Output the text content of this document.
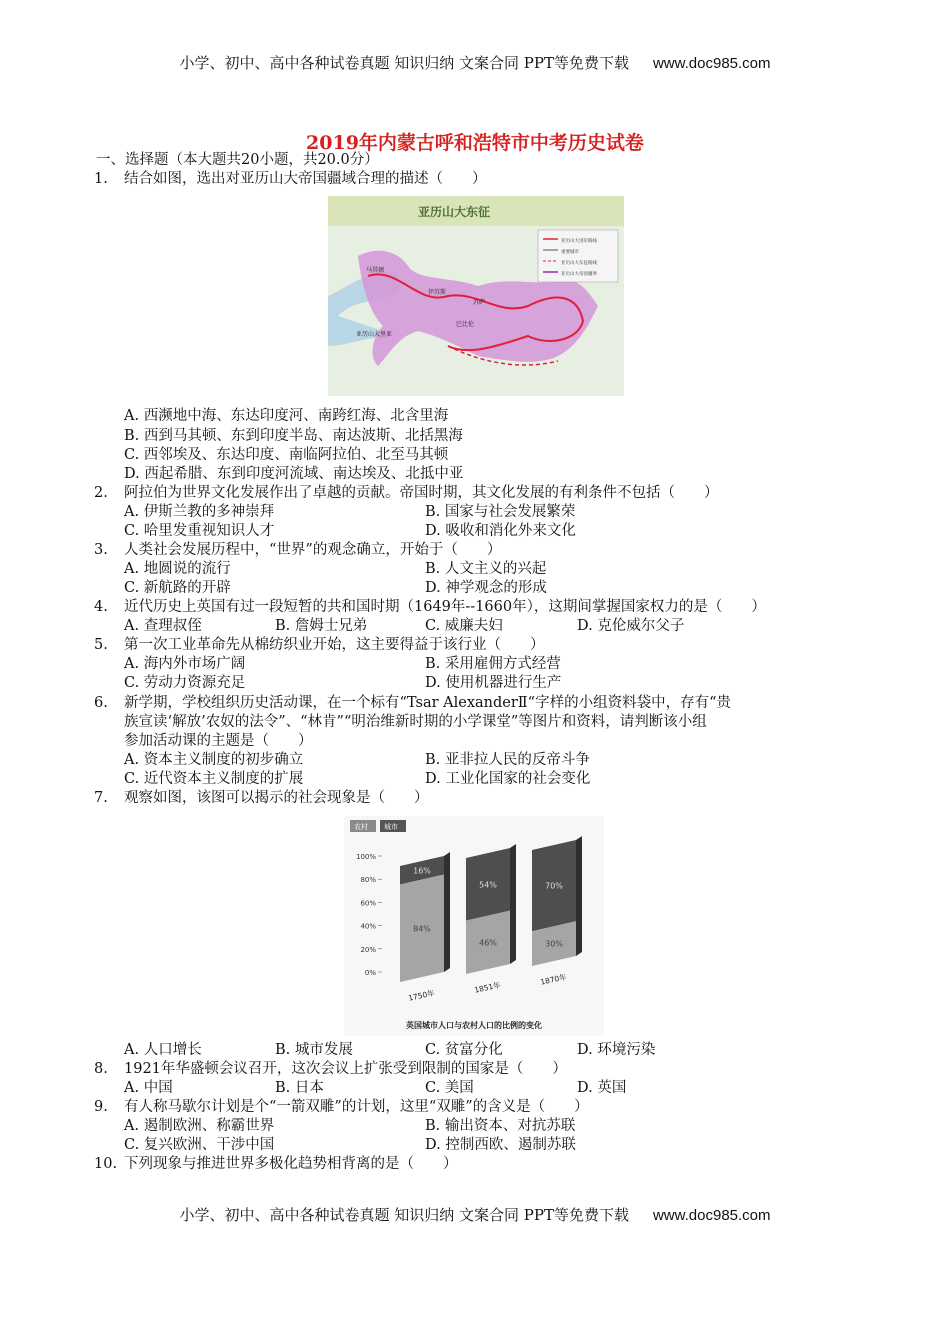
小学、初中、高中各种试卷真题 知识归纳 文案合同 PPT等免费下载 www.doc985.com
2019年内蒙古呼和浩特市中考历史试卷
一、选择题（本大题共20小题，共20.0分）
1. 结合如图，选出对亚历山大帝国疆域合理的描述（　　）
亚历山大东征
亚历山大进军路线
重要城市
亚历山大东征路线
亚历山大帝国疆界
马其顿
伊苏斯
巴比伦
亚历山大里亚
苏萨
A. 西濒地中海、东达印度河、南跨红海、北含里海
B. 西到马其顿、东到印度半岛、南达波斯、北括黑海
C. 西邻埃及、东达印度、南临阿拉伯、北至马其顿
D. 西起希腊、东到印度河流域、南达埃及、北抵中亚
2. 阿拉伯为世界文化发展作出了卓越的贡献。帝国时期，其文化发展的有利条件不包括（　　）
A. 伊斯兰教的多神崇拜	B. 国家与社会发展繁荣
C. 哈里发重视知识人才	D. 吸收和消化外来文化
3. 人类社会发展历程中，“世界”的观念确立，开始于（　　）
A. 地圆说的流行	B. 人文主义的兴起
C. 新航路的开辟	D. 神学观念的形成
4. 近代历史上英国有过一段短暂的共和国时期（1649年--1660年），这期间掌握国家权力的是（　　）
A. 查理叔侄	B. 詹姆士兄弟	C. 威廉夫妇	D. 克伦威尔父子
5. 第一次工业革命先从棉纺织业开始，这主要得益于该行业（　　）
A. 海内外市场广阔	B. 采用雇佣方式经营
C. 劳动力资源充足	D. 使用机器进行生产
6. 新学期，学校组织历史活动课，在一个标有“Tsar AlexanderⅡ“字样的小组资料袋中，存有“贵
族宣读‘解放’农奴的法令”、“林肯”“明治维新时期的小学课堂”等图片和资料，请判断该小组
参加活动课的主题是（　　）
A. 资本主义制度的初步确立	B. 亚非拉人民的反帝斗争
C. 近代资本主义制度的扩展	D. 工业化国家的社会变化
7. 观察如图，该图可以揭示的社会现象是（　　）
农村 城市
0%
20%
40%
60%
80%
100%
16%
84%
1750年
54%
46%
1851年
70%
30%
1870年
英国城市人口与农村人口的比例的变化
A. 人口增长	B. 城市发展	C. 贫富分化	D. 环境污染
8. 1921年华盛顿会议召开，这次会议上扩张受到限制的国家是（　　）
A. 中国	B. 日本	C. 美国	D. 英国
9. 有人称马歇尔计划是个“一箭双雕”的计划，这里“双雕”的含义是（　　）
A. 遏制欧洲、称霸世界	B. 输出资本、对抗苏联
C. 复兴欧洲、干涉中国	D. 控制西欧、遏制苏联
10. 下列现象与推进世界多极化趋势相背离的是（　　）
小学、初中、高中各种试卷真题 知识归纳 文案合同 PPT等免费下载 www.doc985.com
